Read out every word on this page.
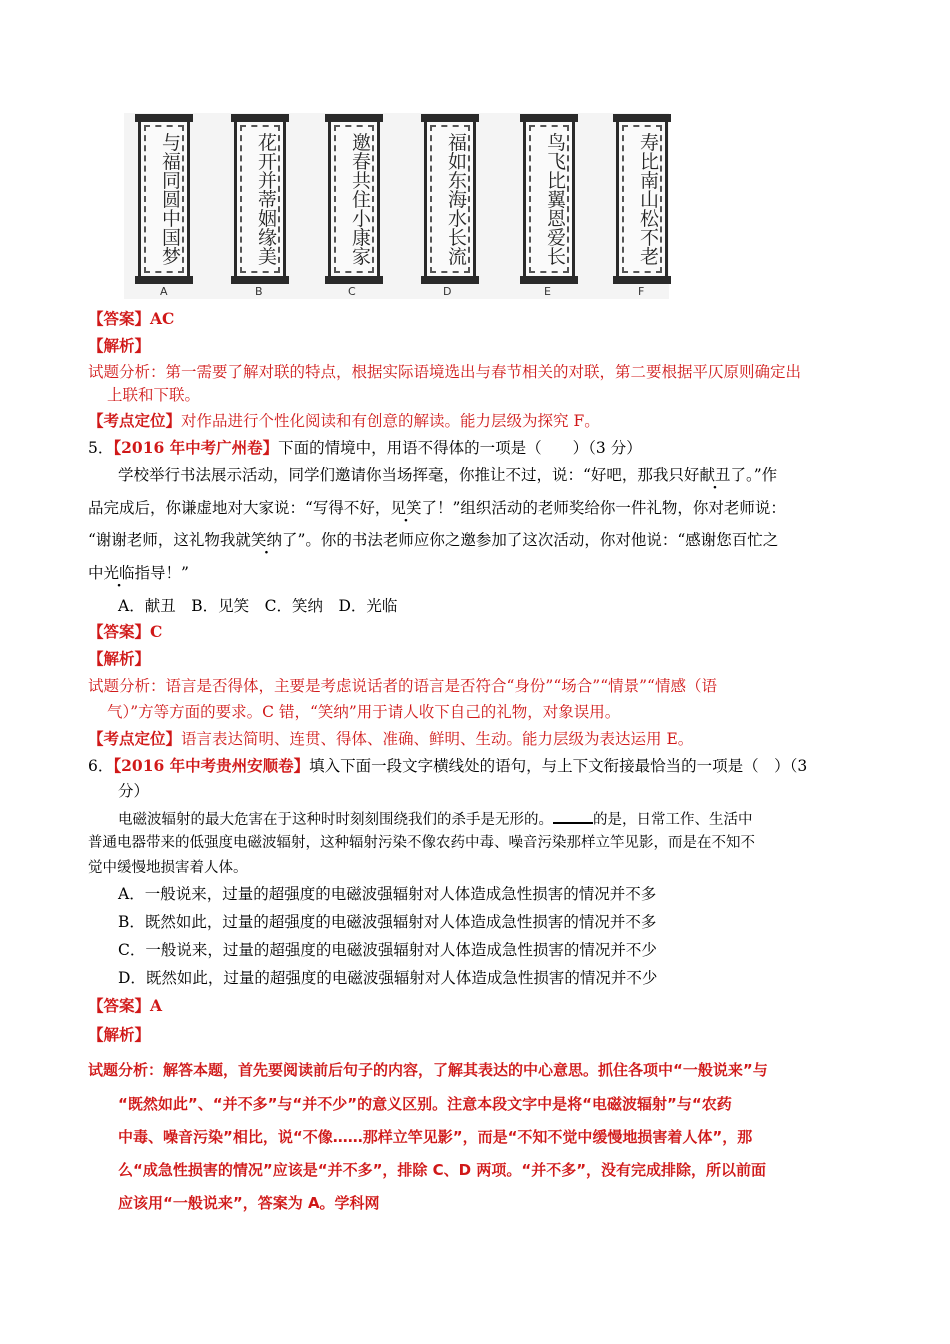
与福同圆中国梦
A
花开并蒂姻缘美
B
邀春共住小康家
C
福如东海水长流
D
鸟飞比翼恩爱长
E
寿比南山松不老
F
【答案】AC
【解析】
试题分析：第一需要了解对联的特点，根据实际语境选出与春节相关的对联，第二要根据平仄原则确定出
上联和下联。
【考点定位】对作品进行个性化阅读和有创意的解读。能力层级为探究 F。
5．【2016 年中考广州卷】下面的情境中，用语不得体的一项是（　　）（3 分）
学校举行书法展示活动，同学们邀请你当场挥毫，你推让不过，说：“好吧，那我只好献丑了。”作
品完成后，你谦虚地对大家说：“写得不好，见笑了！”组织活动的老师奖给你一件礼物，你对老师说：
“谢谢老师，这礼物我就笑纳了”。你的书法老师应你之邀参加了这次活动，你对他说：“感谢您百忙之
中光临指导！”
A．献丑　B．见笑　C．笑纳　D．光临
【答案】C
【解析】
试题分析：语言是否得体，主要是考虑说话者的语言是否符合“身份”“场合”“情景”“情感（语
气）”方等方面的要求。C 错，“笑纳”用于请人收下自己的礼物，对象误用。
【考点定位】语言表达简明、连贯、得体、准确、鲜明、生动。能力层级为表达运用 E。
6．【2016 年中考贵州安顺卷】填入下面一段文字横线处的语句，与上下文衔接最恰当的一项是（　）（3
分）
电磁波辐射的最大危害在于这种时时刻刻围绕我们的杀手是无形的。	的是，日常工作、生活中
普通电器带来的低强度电磁波辐射，这种辐射污染不像农药中毒、噪音污染那样立竿见影，而是在不知不
觉中缓慢地损害着人体。
A．一般说来，过量的超强度的电磁波强辐射对人体造成急性损害的情况并不多
B．既然如此，过量的超强度的电磁波强辐射对人体造成急性损害的情况并不多
C．一般说来，过量的超强度的电磁波强辐射对人体造成急性损害的情况并不少
D．既然如此，过量的超强度的电磁波强辐射对人体造成急性损害的情况并不少
【答案】A
【解析】
试题分析：解答本题，首先要阅读前后句子的内容，了解其表达的中心意思。抓住各项中“一般说来”与
“既然如此”、“并不多”与“并不少”的意义区别。注意本段文字中是将“电磁波辐射”与“农药
中毒、噪音污染”相比，说“不像……那样立竿见影”，而是“不知不觉中缓慢地损害着人体”，那
么“成急性损害的情况”应该是“并不多”，排除 C、D 两项。“并不多”，没有完成排除，所以前面
应该用“一般说来”，答案为 A。学科网
